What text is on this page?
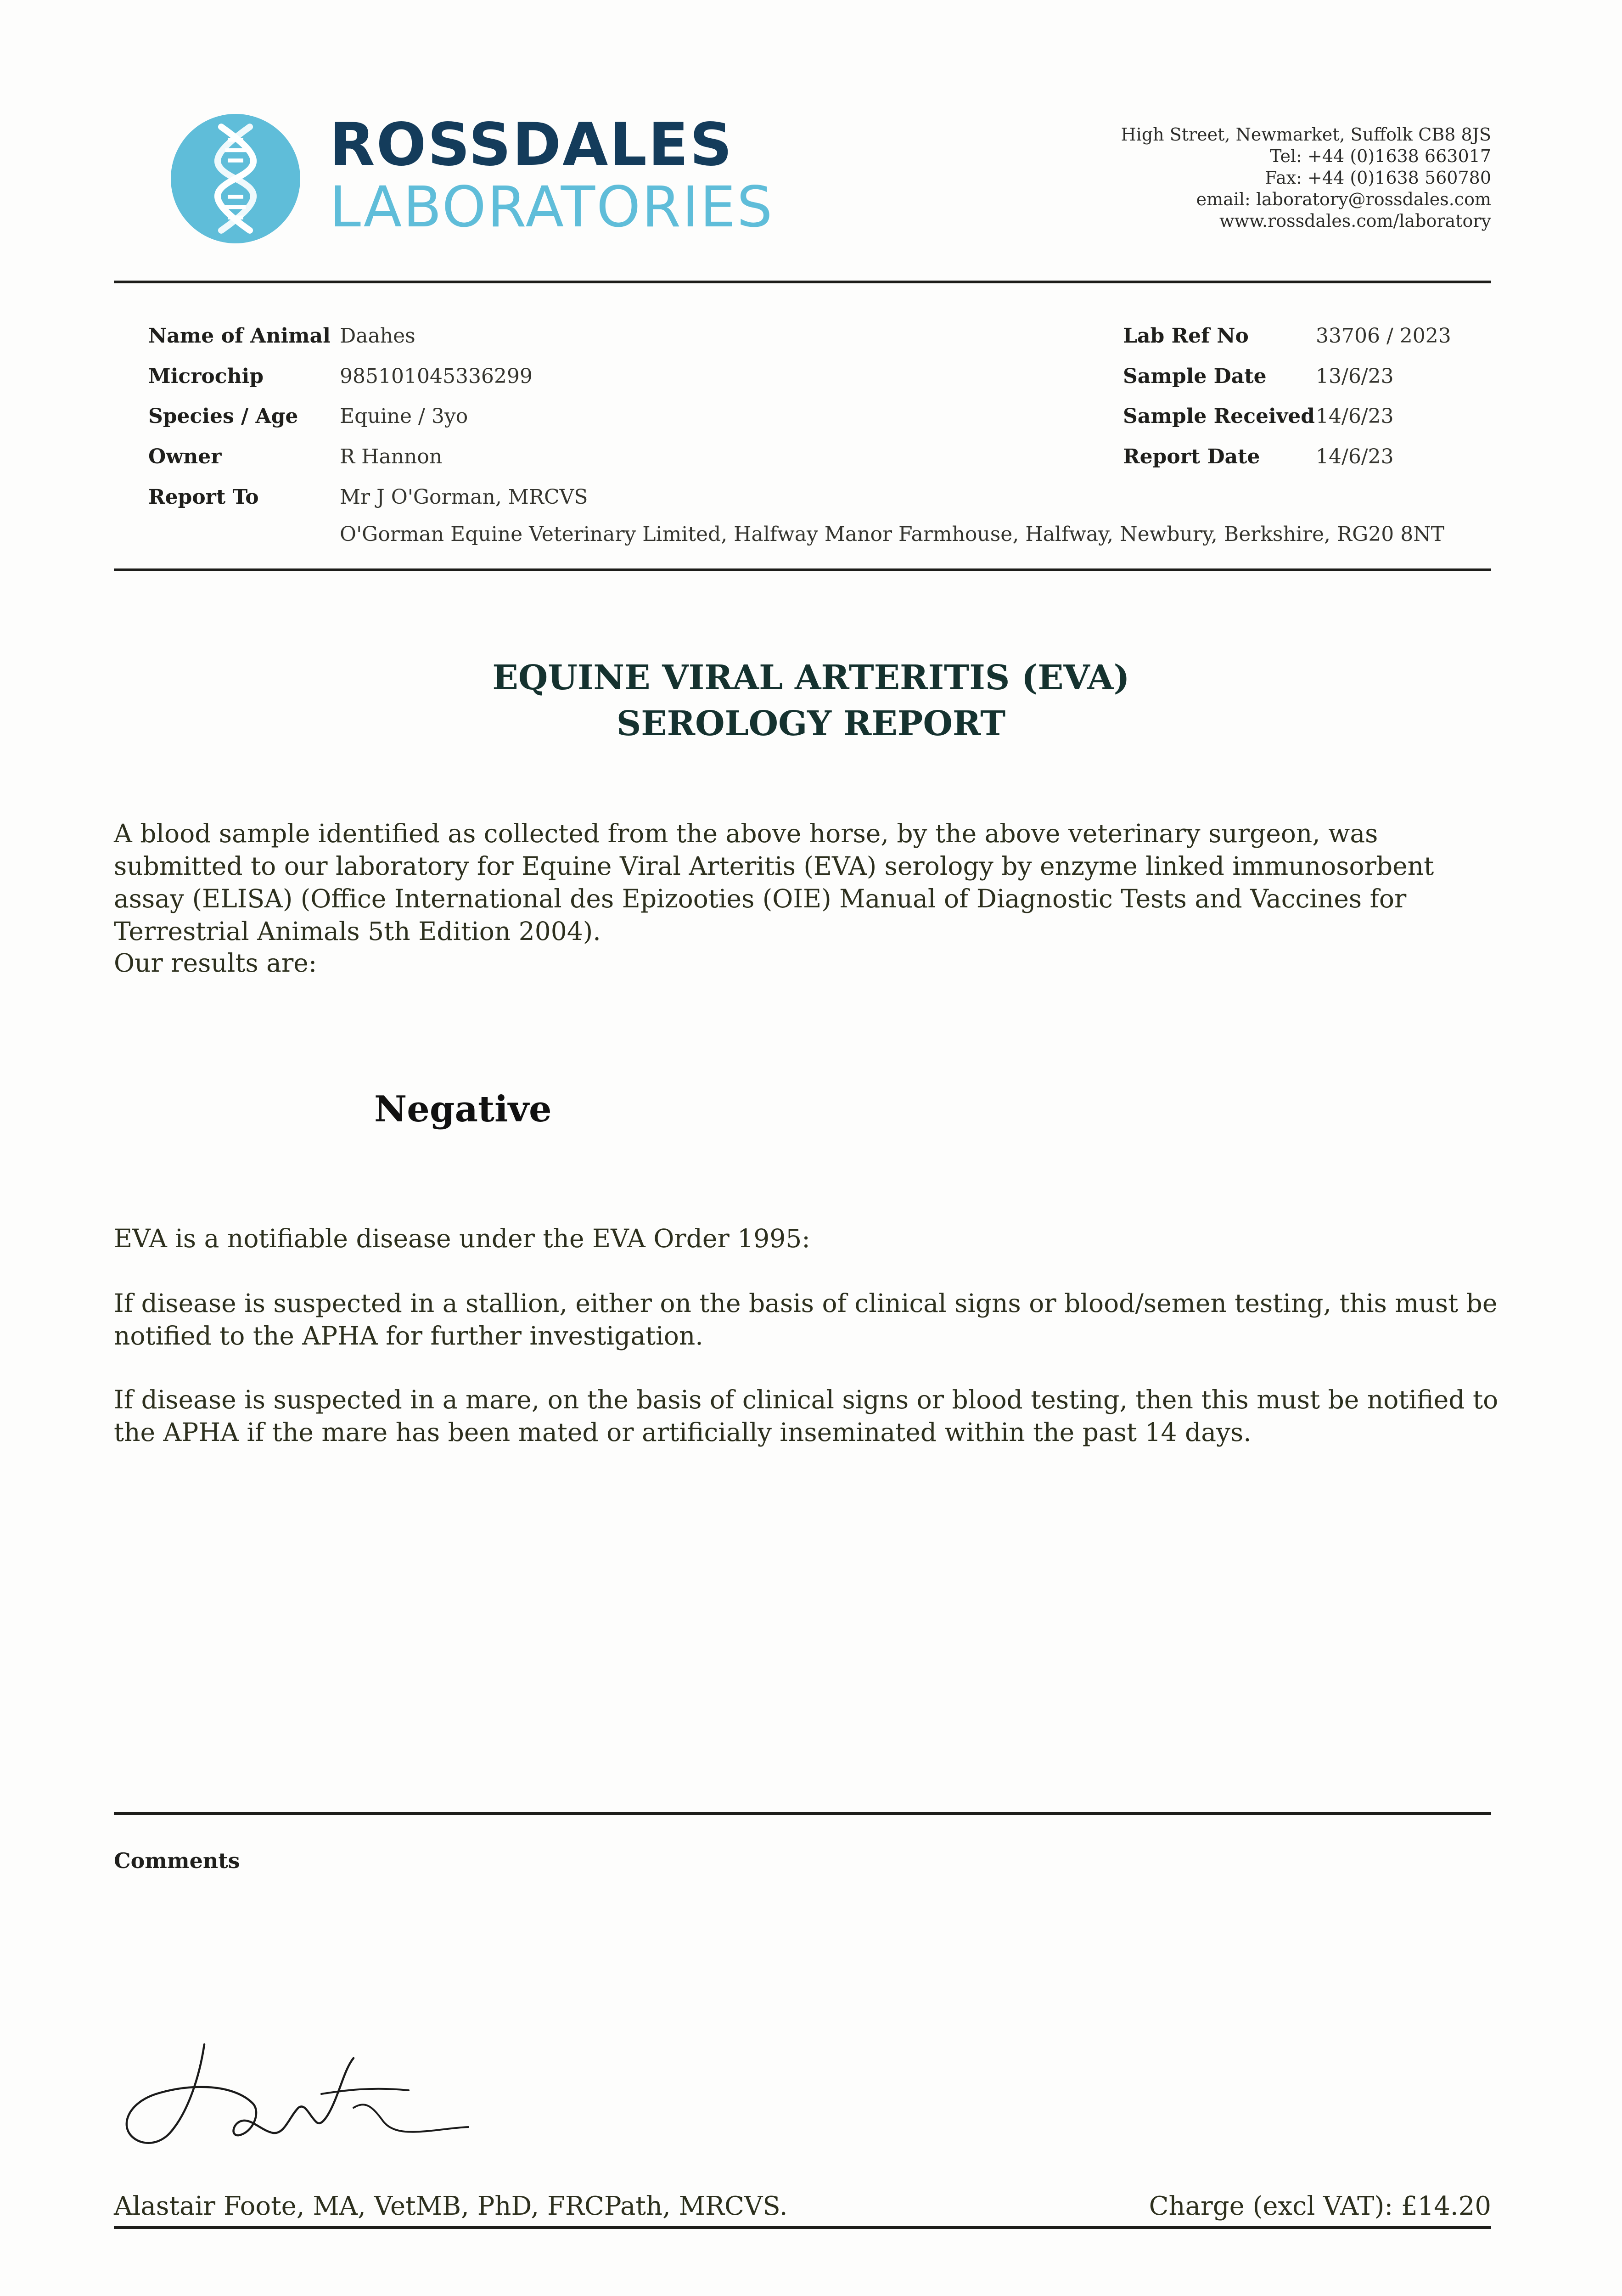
ROSSDALES
LABORATORIES
High Street, Newmarket, Suffolk CB8 8JS
Tel: +44 (0)1638 663017
Fax: +44 (0)1638 560780
email: laboratory@rossdales.com
www.rossdales.com/laboratory
Name of Animal Daahes
Microchip	985101045336299
Species / Age Equine / 3yo
Owner	R Hannon
Report To	Mr J O'Gorman, MRCVS
O'Gorman Equine Veterinary Limited, Halfway Manor Farmhouse, Halfway, Newbury, Berkshire, RG20 8NT
Lab Ref No	33706 / 2023
Sample Date 13/6/23
Sample Received 14/6/23
Report Date	14/6/23
EQUINE VIRAL ARTERITIS (EVA)
SEROLOGY REPORT
A blood sample identified as collected from the above horse, by the above veterinary surgeon, was submitted to our laboratory for Equine Viral Arteritis (EVA) serology by enzyme linked immunosorbent assay (ELISA) (Office International des Epizooties (OIE) Manual of Diagnostic Tests and Vaccines for Terrestrial Animals 5th Edition 2004).
Our results are:
Negative
EVA is a notifiable disease under the EVA Order 1995:
If disease is suspected in a stallion, either on the basis of clinical signs or blood/semen testing, this must be notified to the APHA for further investigation.
If disease is suspected in a mare, on the basis of clinical signs or blood testing, then this must be notified to the APHA if the mare has been mated or artificially inseminated within the past 14 days.
Comments
Alastair Foote, MA, VetMB, PhD, FRCPath, MRCVS.	Charge (excl VAT): £14.20
